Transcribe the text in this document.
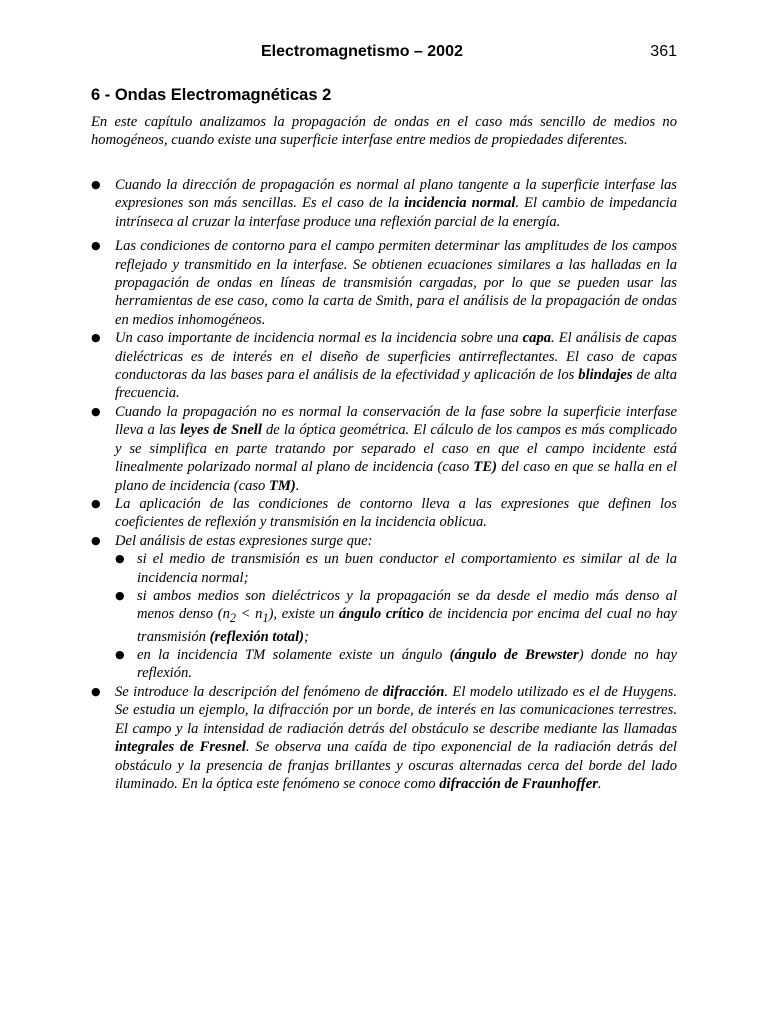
Electromagnetismo – 2002	361
6 - Ondas Electromagnéticas 2

En este capítulo analizamos la propagación de ondas en el caso más sencillo de medios no homogéneos, cuando existe una superficie interfase entre medios de propiedades diferentes.

● Cuando la dirección de propagación es normal al plano tangente a la superficie interfase las expresiones son más sencillas. Es el caso de la incidencia normal. El cambio de impedancia intrínseca al cruzar la interfase produce una reflexión parcial de la energía.
● Las condiciones de contorno para el campo permiten determinar las amplitudes de los campos reflejado y transmitido en la interfase. Se obtienen ecuaciones similares a las halladas en la propagación de ondas en líneas de transmisión cargadas, por lo que se pueden usar las herramientas de ese caso, como la carta de Smith, para el análisis de la propagación de ondas en medios inhomogéneos.
● Un caso importante de incidencia normal es la incidencia sobre una capa. El análisis de capas dieléctricas es de interés en el diseño de superficies antirreflectantes. El caso de capas conductoras da las bases para el análisis de la efectividad y aplicación de los blindajes de alta frecuencia.
● Cuando la propagación no es normal la conservación de la fase sobre la superficie interfase lleva a las leyes de Snell de la óptica geométrica. El cálculo de los campos es más complicado y se simplifica en parte tratando por separado el caso en que el campo incidente está linealmente polarizado normal al plano de incidencia (caso TE) del caso en que se halla en el plano de incidencia (caso TM).
● La aplicación de las condiciones de contorno lleva a las expresiones que definen los coeficientes de reflexión y transmisión en la incidencia oblicua.
● Del análisis de estas expresiones surge que:
● si el medio de transmisión es un buen conductor el comportamiento es similar al de la incidencia normal;
● si ambos medios son dieléctricos y la propagación se da desde el medio más denso al menos denso $(n_2 < n_1)$, existe un ángulo crítico de incidencia por encima del cual no hay transmisión (reflexión total);
● en la incidencia TM solamente existe un ángulo (ángulo de Brewster) donde no hay reflexión.
● Se introduce la descripción del fenómeno de difracción. El modelo utilizado es el de Huygens. Se estudia un ejemplo, la difracción por un borde, de interés en las comunicaciones terrestres. El campo y la intensidad de radiación detrás del obstáculo se describe mediante las llamadas integrales de Fresnel. Se observa una caída de tipo exponencial de la radiación detrás del obstáculo y la presencia de franjas brillantes y oscuras alternadas cerca del borde del lado iluminado. En la óptica este fenómeno se conoce como difracción de Fraunhoffer.
